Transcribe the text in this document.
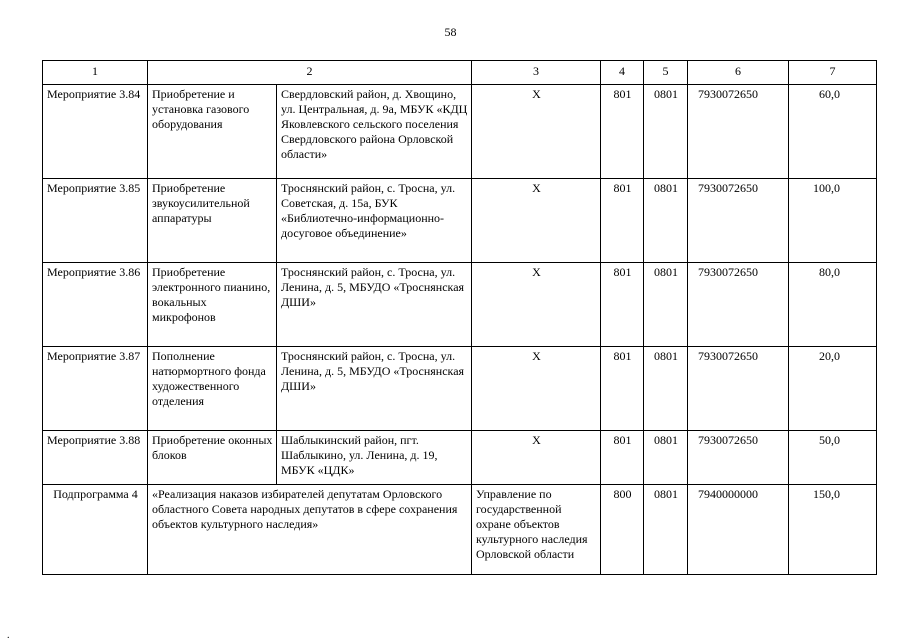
58
1	2		3	4	5	6	7
Мероприятие 3.84	Приобретение и установка газового оборудования	Свердловский район, д. Хвощино, ул. Центральная, д. 9а, МБУК «КДЦ Яковлевского сельского поселения Свердловского района Орловской области»	Х	801	0801	7930072650	60,0
Мероприятие 3.85	Приобретение звукоусилительной аппаратуры	Троснянский район, с. Тросна, ул. Советская, д. 15а, БУК «Библиотечно-информационно-досуговое объединение»	Х	801	0801	7930072650	100,0
Мероприятие 3.86	Приобретение электронного пианино, вокальных микрофонов	Троснянский район, с. Тросна, ул. Ленина, д. 5, МБУДО «Троснянская ДШИ»	Х	801	0801	7930072650	80,0
Мероприятие 3.87	Пополнение натюрмортного фонда художественного отделения	Троснянский район, с. Тросна, ул. Ленина, д. 5, МБУДО «Троснянская ДШИ»	Х	801	0801	7930072650	20,0
Мероприятие 3.88	Приобретение оконных блоков	Шаблыкинский район, пгт. Шаблыкино, ул. Ленина, д. 19, МБУК «ЦДК»	Х	801	0801	7930072650	50,0
Подпрограмма 4	«Реализация наказов избирателей депутатам Орловского областного Совета народных депутатов в сфере сохранения объектов культурного наследия»		Управление по государственной охране объектов культурного наследия Орловской области	800	0801	7940000000	150,0
.
